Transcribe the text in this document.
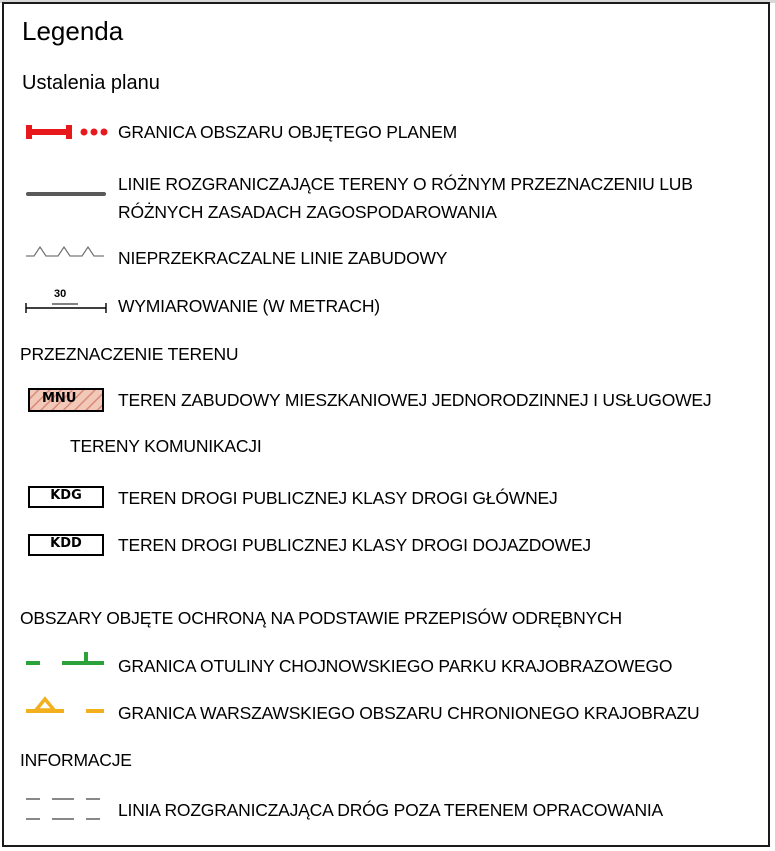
Legenda
Ustalenia planu
GRANICA OBSZARU OBJĘTEGO PLANEM
LINIE ROZGRANICZAJĄCE TERENY O RÓŻNYM PRZEZNACZENIU LUB
RÓŻNYCH ZASADACH ZAGOSPODAROWANIA
NIEPRZEKRACZALNE LINIE ZABUDOWY
30
WYMIAROWANIE (W METRACH)
PRZEZNACZENIE TERENU
MNU TEREN ZABUDOWY MIESZKANIOWEJ JEDNORODZINNEJ I USŁUGOWEJ
TERENY KOMUNIKACJI
KDG	TEREN DROGI PUBLICZNEJ KLASY DROGI GŁÓWNEJ
KDD	TEREN DROGI PUBLICZNEJ KLASY DROGI DOJAZDOWEJ
OBSZARY OBJĘTE OCHRONĄ NA PODSTAWIE PRZEPISÓW ODRĘBNYCH
GRANICA OTULINY CHOJNOWSKIEGO PARKU KRAJOBRAZOWEGO
GRANICA WARSZAWSKIEGO OBSZARU CHRONIONEGO KRAJOBRAZU
INFORMACJE
LINIA ROZGRANICZAJĄCA DRÓG POZA TERENEM OPRACOWANIA
